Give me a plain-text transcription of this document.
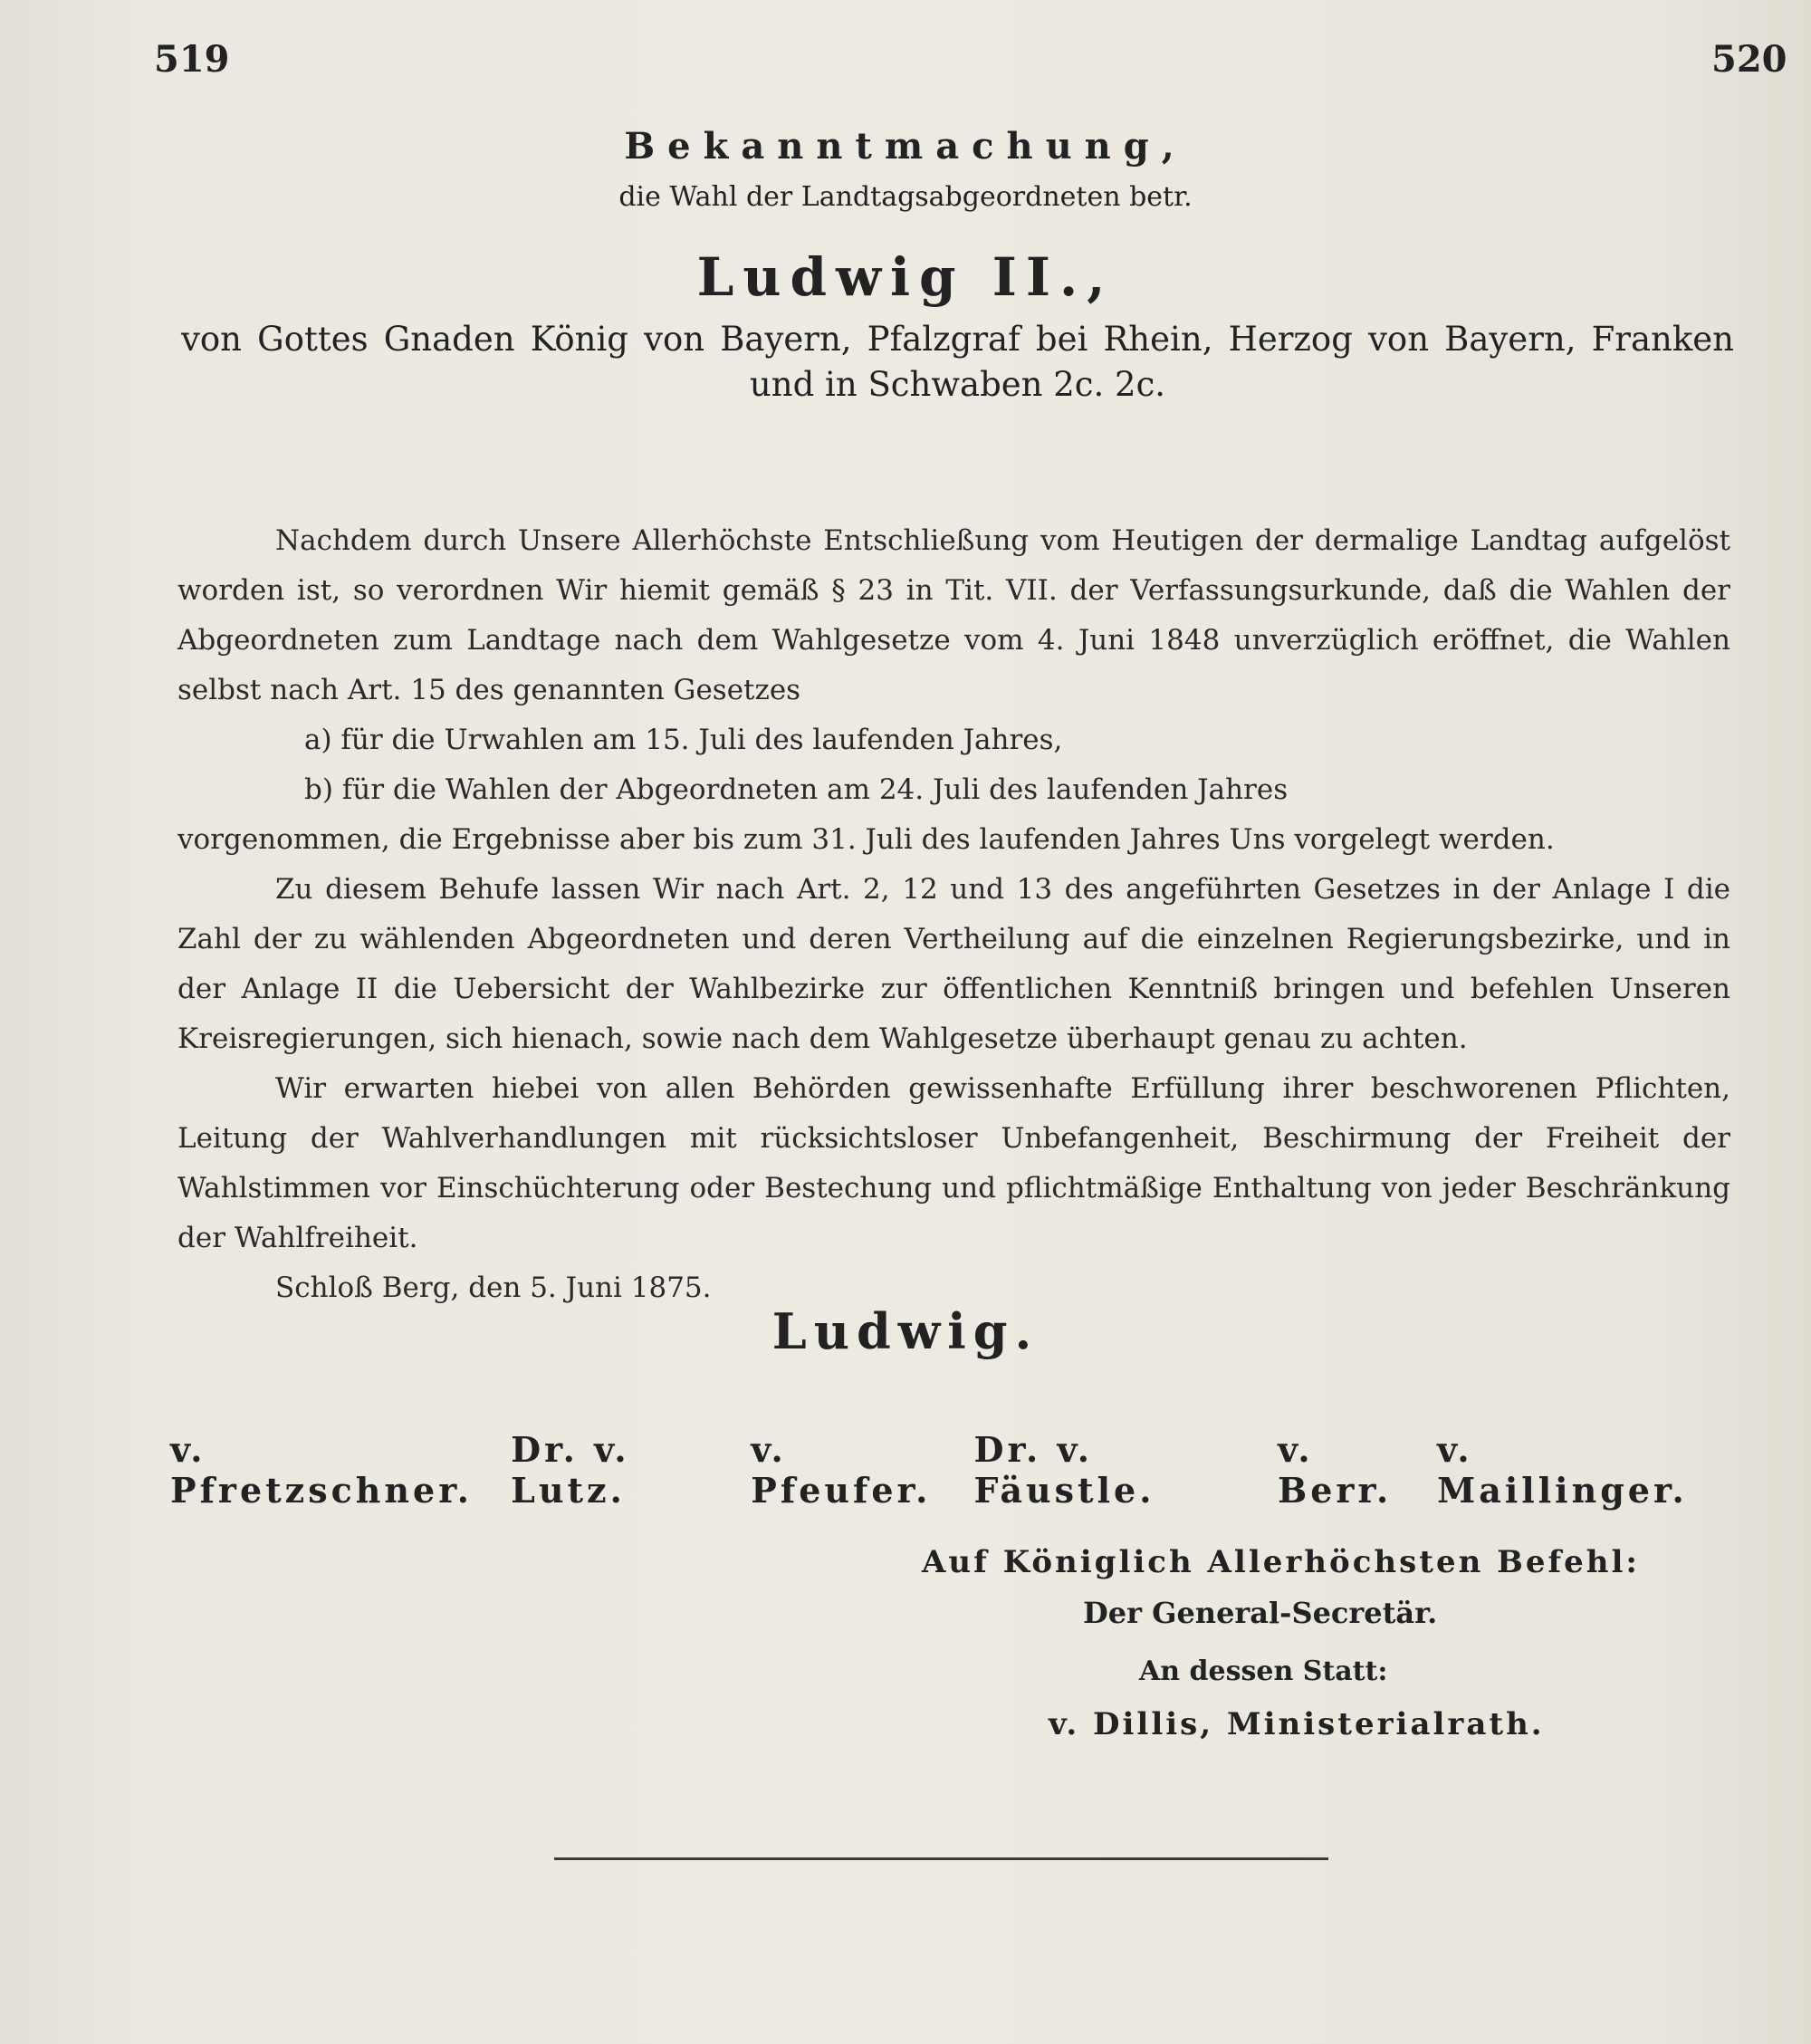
519	520
Bekanntmachung,
die Wahl der Landtagsabgeordneten betr.
Ludwig II.,
von Gottes Gnaden König von Bayern, Pfalzgraf bei Rhein, Herzog von Bayern, Franken und in Schwaben 2c. 2c.

Nachdem durch Unsere Allerhöchste Entschließung vom Heutigen der dermalige Landtag aufgelöst worden ist, so verordnen Wir hiemit gemäß § 23 in Tit. VII. der Verfassungsurkunde, daß die Wahlen der Abgeordneten zum Landtage nach dem Wahlgesetze vom 4. Juni 1848 unverzüglich eröffnet, die Wahlen selbst nach Art. 15 des genannten Gesetzes

a) für die Urwahlen am 15. Juli des laufenden Jahres,

b) für die Wahlen der Abgeordneten am 24. Juli des laufenden Jahres

vorgenommen, die Ergebnisse aber bis zum 31. Juli des laufenden Jahres Uns vorgelegt werden.

Zu diesem Behufe lassen Wir nach Art. 2, 12 und 13 des angeführten Gesetzes in der Anlage I die Zahl der zu wählenden Abgeordneten und deren Vertheilung auf die einzelnen Regierungsbezirke, und in der Anlage II die Uebersicht der Wahlbezirke zur öffentlichen Kenntniß bringen und befehlen Unseren Kreisregierungen, sich hienach, sowie nach dem Wahlgesetze überhaupt genau zu achten.

Wir erwarten hiebei von allen Behörden gewissenhafte Erfüllung ihrer beschworenen Pflichten, Leitung der Wahlverhandlungen mit rücksichtsloser Unbefangenheit, Beschirmung der Freiheit der Wahlstimmen vor Einschüchterung oder Bestechung und pflichtmäßige Enthaltung von jeder Beschränkung der Wahlfreiheit.

Schloß Berg, den 5. Juni 1875.

Ludwig.
v. Pfretzschner.
Dr. v. Lutz.
v. Pfeufer.
Dr. v. Fäustle.
v. Berr.
v. Maillinger.
Auf Königlich Allerhöchsten Befehl:
Der General-Secretär.
An dessen Statt:
v. Dillis, Ministerialrath.
